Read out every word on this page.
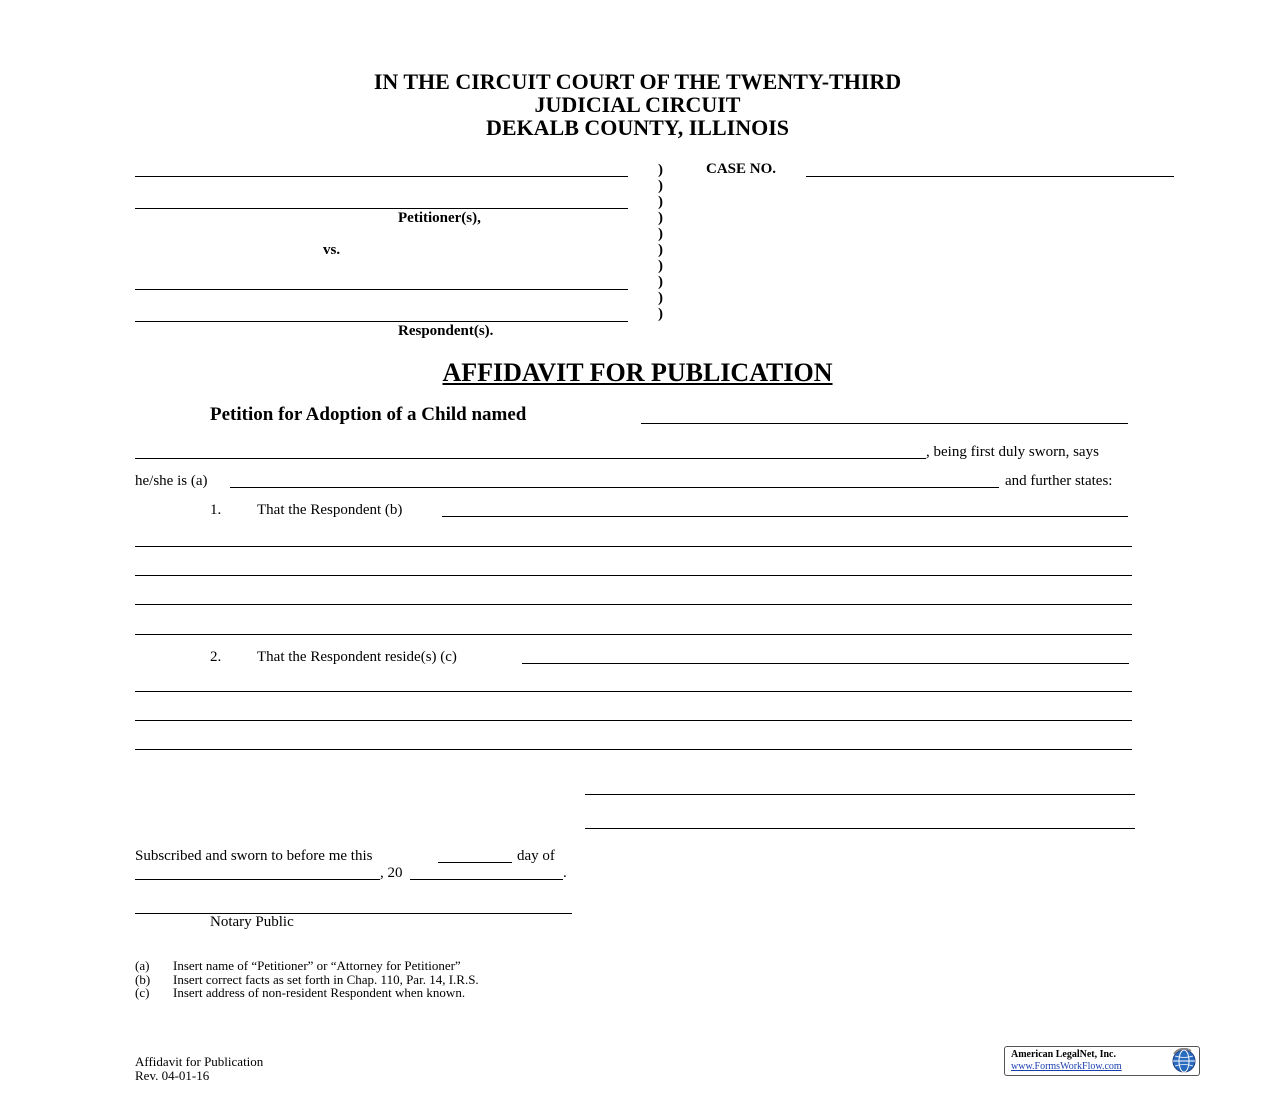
IN THE CIRCUIT COURT OF THE TWENTY-THIRD
JUDICIAL CIRCUIT
DEKALB COUNTY, ILLINOIS
Petitioner(s),
vs.
Respondent(s).
)
)
)
)
)
)
)
)
)
)
CASE NO.
AFFIDAVIT FOR PUBLICATION
Petition for Adoption of a Child named
, being first duly sworn, says
he/she is (a)	and further states:
1. That the Respondent (b)
2. That the Respondent reside(s) (c)
Subscribed and sworn to before me this	day of
, 20	.
Notary Public
(a) Insert name of “Petitioner” or “Attorney for Petitioner”
(b) Insert correct facts as set forth in Chap. 110, Par. 14, I.R.S.
(c) Insert address of non-resident Respondent when known.
Affidavit for Publication
Rev. 04-01-16
American LegalNet, Inc.
www.FormsWorkFlow.com
